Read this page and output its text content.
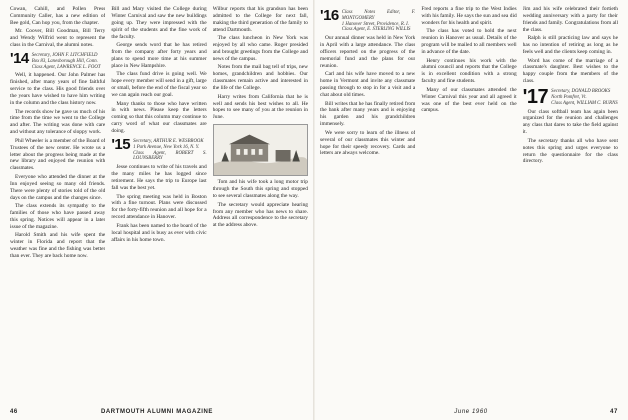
Cowan, Cahill, and Pollen Press Community Caller, has a new edition of Bee gold, Can hop you, from the chapter.

Mr. Coover, Bill Goodman, Bill Terry and Wendy Wilfrid went to represent the class in the Carnival, the alumni notes.

'14 Secretary, JOHN F. LITCHFIELD
Box 83, Lanesborough Hill, Conn.
Class Agent, LAWRENCE L. FOOT

Well, it happened. Our John Palmer has finished, after many years of fine faithful service to the class. His good friends over the years have wished to have him writing in the column and the class history now.

The records show he gave us much of his time from the time we went to the College and after. The writing was done with care and without any tolerance of sloppy work.

Phil Wheeler is a member of the Board of Trustees of the new center. He wrote us a letter about the progress being made at the new library and enjoyed the reunion with classmates.

Everyone who attended the dinner at the Inn enjoyed seeing so many old friends. There were plenty of stories told of the old days on the campus and the changes since.

The class extends its sympathy to the families of those who have passed away this spring. Notices will appear in a later issue of the magazine.

Harold Smith and his wife spent the winter in Florida and report that the weather was fine and the fishing was better than ever. They are back home now.

Bill and Mary visited the College during Winter Carnival and saw the new buildings going up. They were impressed with the spirit of the students and the fine work of the faculty.

George sends word that he has retired from the company after forty years and plans to spend more time at his summer place in New Hampshire.

The class fund drive is going well. We hope every member will send in a gift, large or small, before the end of the fiscal year so we can again reach our goal.

Many thanks to those who have written in with news. Please keep the letters coming so that this column may continue to carry word of what our classmates are doing.

'15 Secretary, ARTHUR E. WESBROOK
1 Park Avenue, New York 16, N. Y.
Class Agent, ROBERT S. LOUNSBERRY

Jesse continues to write of his travels and the many miles he has logged since retirement. He says the trip to Europe last fall was the best yet.

The spring meeting was held in Boston with a fine turnout. Plans were discussed for the forty-fifth reunion and all hope for a record attendance in Hanover.

Frank has been named to the board of the local hospital and is busy as ever with civic affairs in his home town.

Wilbur reports that his grandson has been admitted to the College for next fall, making the third generation of the family to attend Dartmouth.

The class luncheon in New York was enjoyed by all who came. Roger presided and brought greetings from the College and news of the campus.

Notes from the mail bag tell of trips, new homes, grandchildren and hobbies. Our classmates remain active and interested in the life of the College.

Harry writes from California that he is well and sends his best wishes to all. He hopes to see many of you at the reunion in June.

Tom and his wife took a long motor trip through the South this spring and stopped to see several classmates along the way.

The secretary would appreciate hearing from any member who has news to share. Address all correspondence to the secretary at the address above.

46	DARTMOUTH ALUMNI MAGAZINE
'16 Class Notes Editor, F. MONTGOMERY
1 Hanover Street, Providence, R. I.
Class Agent, E. STERLING WILLIS

Our annual dinner was held in New York in April with a large attendance. The class officers reported on the progress of the memorial fund and the plans for our reunion.

Carl and his wife have moved to a new home in Vermont and invite any classmate passing through to stop in for a visit and a chat about old times.

Bill writes that he has finally retired from the bank after many years and is enjoying his garden and his grandchildren immensely.

We were sorry to learn of the illness of several of our classmates this winter and hope for their speedy recovery. Cards and letters are always welcome.

Fred reports a fine trip to the West Indies with his family. He says the sun and sea did wonders for his health and spirit.

The class has voted to hold the next reunion in Hanover as usual. Details of the program will be mailed to all members well in advance of the date.

Henry continues his work with the alumni council and reports that the College is in excellent condition with a strong faculty and fine students.

Many of our classmates attended the Winter Carnival this year and all agreed it was one of the best ever held on the campus.

Jim and his wife celebrated their fortieth wedding anniversary with a party for their friends and family. Congratulations from all the class.

Ralph is still practicing law and says he has no intention of retiring as long as he feels well and the clients keep coming in.

Word has come of the marriage of a classmate's daughter. Best wishes to the happy couple from the members of the class.

'17 Secretary, DONALD BROOKS
North Pomfret, Vt.
Class Agent, WILLIAM C. BURNS

Our class softball team has again been organized for the reunion and challenges any class that dares to take the field against it.

The secretary thanks all who have sent notes this spring and urges everyone to return the questionnaire for the class directory.

June 1960	47
